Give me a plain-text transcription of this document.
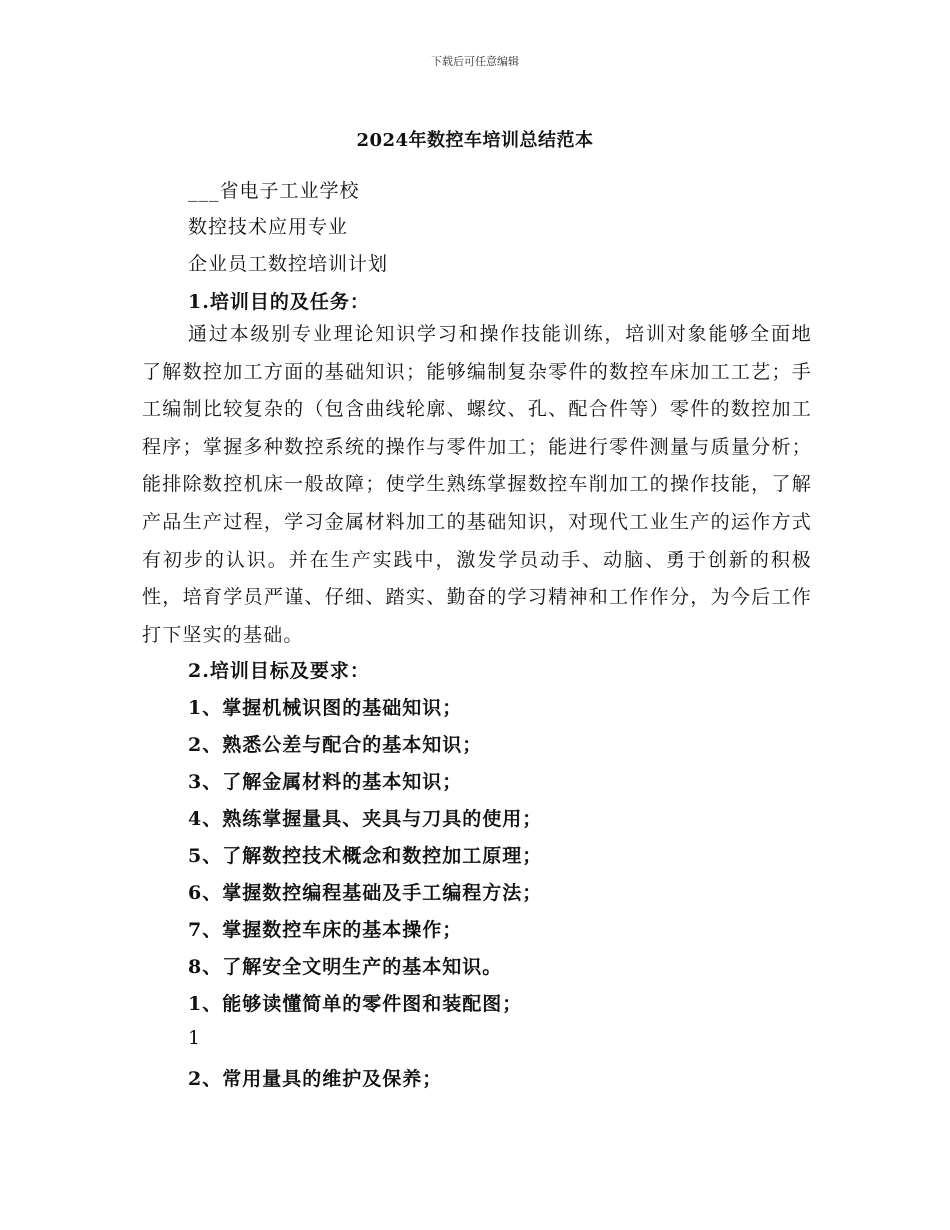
下载后可任意编辑
2024年数控车培训总结范本
___省电子工业学校
数控技术应用专业
企业员工数控培训计划
1.培训目的及任务：
通过本级别专业理论知识学习和操作技能训练，培训对象能够全面地了解数控加工方面的基础知识；能够编制复杂零件的数控车床加工工艺；手工编制比较复杂的（包含曲线轮廓、螺纹、孔、配合件等）零件的数控加工程序；掌握多种数控系统的操作与零件加工；能进行零件测量与质量分析；能排除数控机床一般故障；使学生熟练掌握数控车削加工的操作技能，了解产品生产过程，学习金属材料加工的基础知识，对现代工业生产的运作方式有初步的认识。并在生产实践中，激发学员动手、动脑、勇于创新的积极性，培育学员严谨、仔细、踏实、勤奋的学习精神和工作作分，为今后工作打下坚实的基础。
2.培训目标及要求：
1、掌握机械识图的基础知识；
2、熟悉公差与配合的基本知识；
3、了解金属材料的基本知识；
4、熟练掌握量具、夹具与刀具的使用；
5、了解数控技术概念和数控加工原理；
6、掌握数控编程基础及手工编程方法；
7、掌握数控车床的基本操作；
8、了解安全文明生产的基本知识。
1、能够读懂简单的零件图和装配图；
1
2、常用量具的维护及保养；
